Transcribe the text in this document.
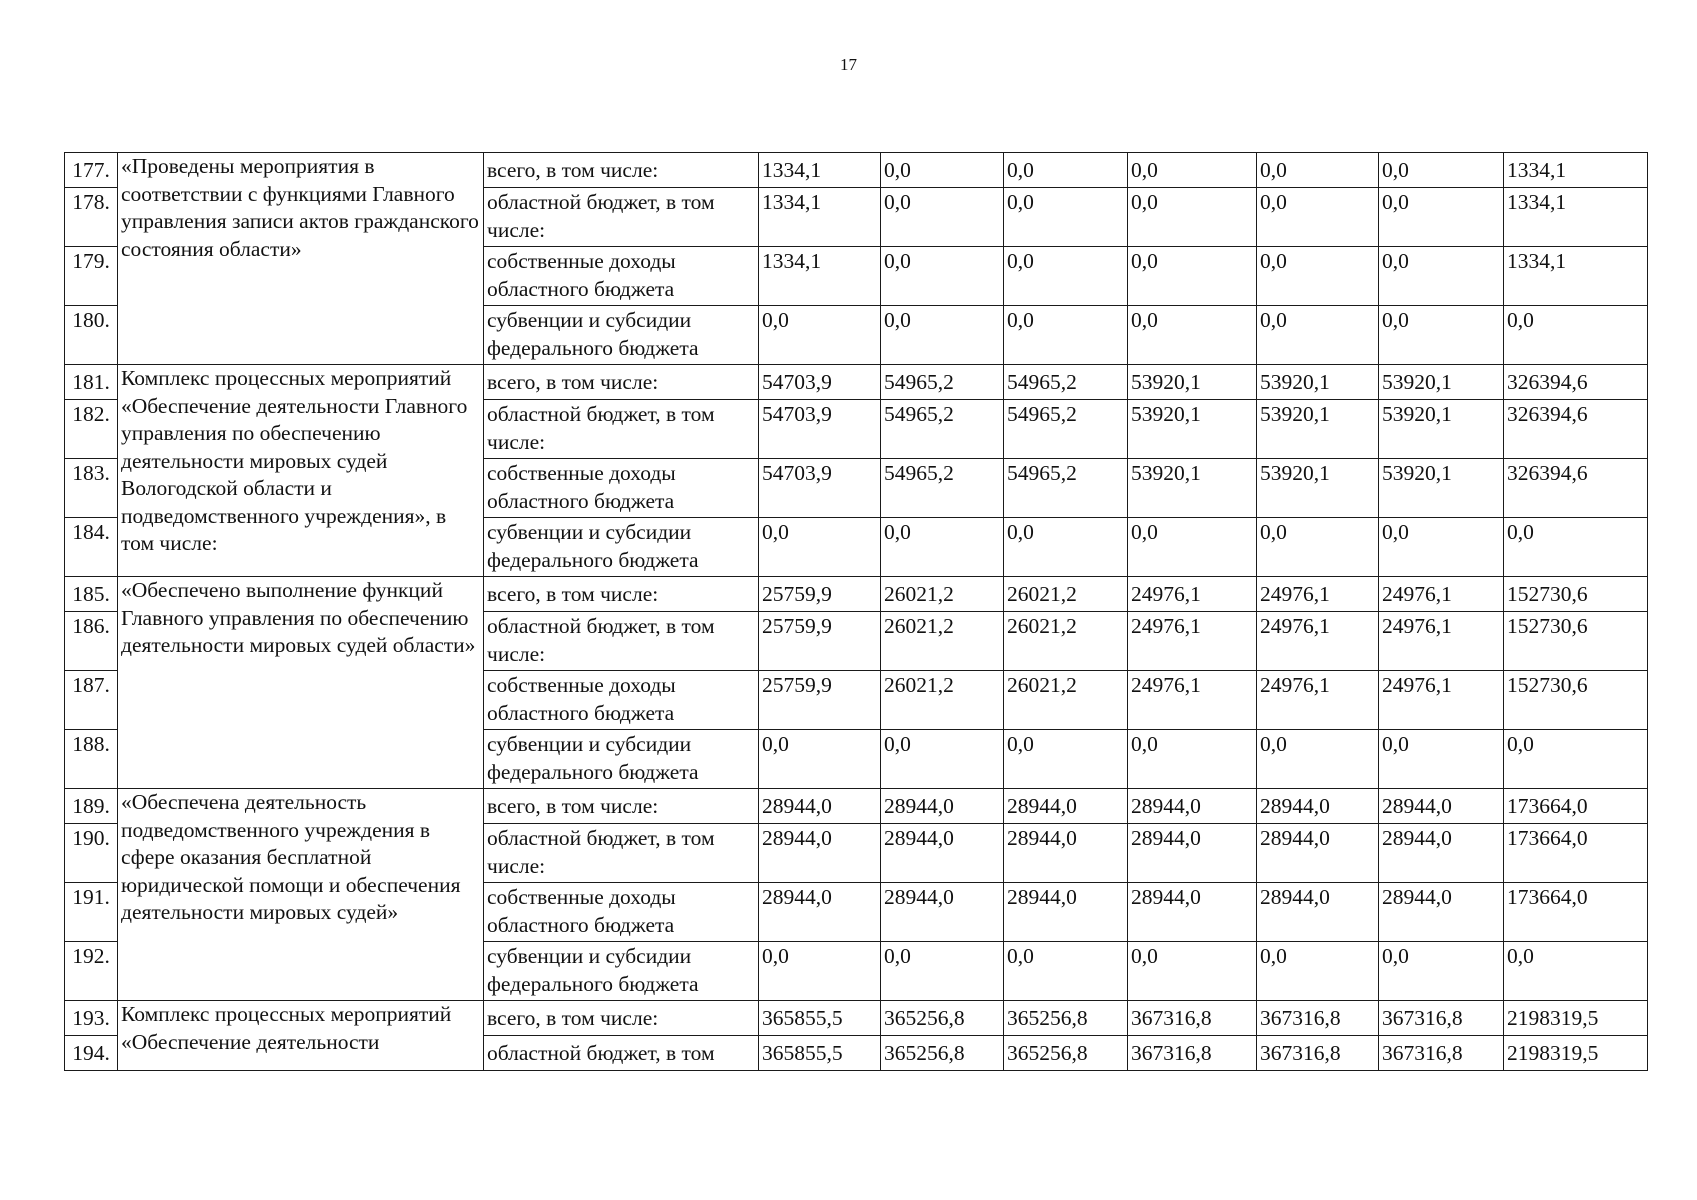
17
177.	«Проведены мероприятия в соответствии с функциями Главного управления записи актов гражданского состояния области»	всего, в том числе:	1334,1	0,0	0,0	0,0	0,0	0,0	1334,1
178.		областной бюджет, в том числе:	1334,1	0,0	0,0	0,0	0,0	0,0	1334,1
179.		собственные доходы областного бюджета	1334,1	0,0	0,0	0,0	0,0	0,0	1334,1
180.		субвенции и субсидии федерального бюджета	0,0	0,0	0,0	0,0	0,0	0,0	0,0
181.	Комплекс процессных мероприятий «Обеспечение деятельности Главного управления по обеспечению деятельности мировых судей Вологодской области и подведомственного учреждения», в том числе:	всего, в том числе:	54703,9	54965,2	54965,2	53920,1	53920,1	53920,1	326394,6
182.		областной бюджет, в том числе:	54703,9	54965,2	54965,2	53920,1	53920,1	53920,1	326394,6
183.		собственные доходы областного бюджета	54703,9	54965,2	54965,2	53920,1	53920,1	53920,1	326394,6
184.		субвенции и субсидии федерального бюджета	0,0	0,0	0,0	0,0	0,0	0,0	0,0
185.	«Обеспечено выполнение функций Главного управления по обеспечению деятельности мировых судей области»	всего, в том числе:	25759,9	26021,2	26021,2	24976,1	24976,1	24976,1	152730,6
186.		областной бюджет, в том числе:	25759,9	26021,2	26021,2	24976,1	24976,1	24976,1	152730,6
187.		собственные доходы областного бюджета	25759,9	26021,2	26021,2	24976,1	24976,1	24976,1	152730,6
188.		субвенции и субсидии федерального бюджета	0,0	0,0	0,0	0,0	0,0	0,0	0,0
189.	«Обеспечена деятельность подведомственного учреждения в сфере оказания бесплатной юридической помощи и обеспечения деятельности мировых судей»	всего, в том числе:	28944,0	28944,0	28944,0	28944,0	28944,0	28944,0	173664,0
190.		областной бюджет, в том числе:	28944,0	28944,0	28944,0	28944,0	28944,0	28944,0	173664,0
191.		собственные доходы областного бюджета	28944,0	28944,0	28944,0	28944,0	28944,0	28944,0	173664,0
192.		субвенции и субсидии федерального бюджета	0,0	0,0	0,0	0,0	0,0	0,0	0,0
193.	Комплекс процессных мероприятий «Обеспечение деятельности	всего, в том числе:	365855,5	365256,8	365256,8	367316,8	367316,8	367316,8	2198319,5
194.		областной бюджет, в том	365855,5	365256,8	365256,8	367316,8	367316,8	367316,8	2198319,5
